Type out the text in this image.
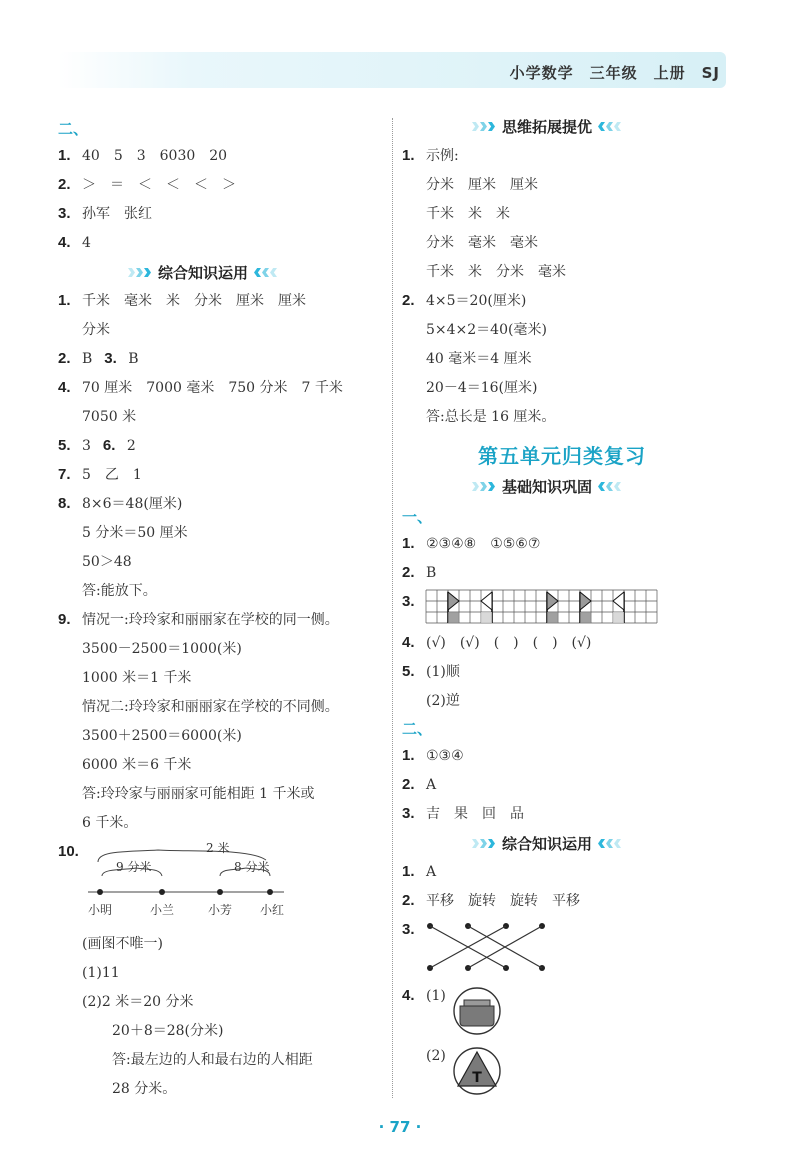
小学数学　三年级　上册　SJ
二、
1. 40　5　3　6030　20
2. ＞　＝　＜　＜　＜　＞
3. 孙军　张红
4. 4
综合知识运用
1. 千米　毫米　米　分米　厘米　厘米
分米
2. B 3. B
4. 70 厘米　7000 毫米　750 分米　7 千米
7050 米
5. 3 6. 2
7. 5　乙　1
8. 8×6＝48(厘米)
5 分米＝50 厘米
50＞48
答:能放下。
9. 情况一:玲玲家和丽丽家在学校的同一侧。
3500－2500＝1000(米)
1000 米＝1 千米
情况二:玲玲家和丽丽家在学校的不同侧。
3500＋2500＝6000(米)
6000 米＝6 千米
答:玲玲家与丽丽家可能相距 1 千米或
6 千米。
10.	2 米
9 分米	8 分米
小明	小兰	小芳 小红
(画图不唯一)
(1)11
(2)2 米＝20 分米
20＋8＝28(分米)
答:最左边的人和最右边的人相距
28 分米。
思维拓展提优
1. 示例:
分米　厘米　厘米
千米　米　米
分米　毫米　毫米
千米　米　分米　毫米
2. 4×5＝20(厘米)
5×4×2＝40(毫米)
40 毫米＝4 厘米
20－4＝16(厘米)
答:总长是 16 厘米。
第五单元归类复习
基础知识巩固
一、
1. ②③④⑧　①⑤⑥⑦
2. B
3.
4. (√)　(√)　(　)　(　)　(√)
5. (1)顺
(2)逆
二、
1. ①③④
2. A
3. 吉　果　回　品
综合知识运用
1. A
2. 平移　旋转　旋转　平移
3.
4. (1)
(2)
T
· 77 ·
